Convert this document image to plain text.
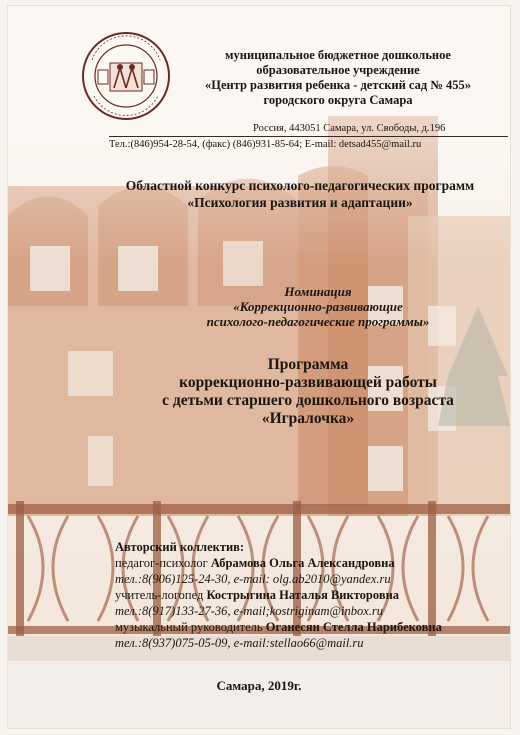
муниципальное бюджетное дошкольное
образовательное учреждение
«Центр развития ребенка - детский сад № 455»
городского округа Самара
Россия, 443051 Самара, ул. Свободы, д.196
Тел.:(846)954-28-54, (факс) (846)931-85-64; E-mail: detsad455@mail.ru
Областной конкурс психолого-педагогических программ
«Психология развития и адаптации»
Номинация
«Коррекционно-развивающие
психолого-педагогические программы»
Программа
коррекционно-развивающей работы
с детьми старшего дошкольного возраста
«Игралочка»
Авторский коллектив:
педагог-психолог Абрамова Ольга Александровна
тел.:8(906)125-24-30, e-mail: olg.ab2010@yandex.ru
учитель-логопед Кострыгина Наталья Викторовна
тел.:8(917)133-27-36, e-mail;kostriginam@inbox.ru
музыкальный руководитель Оганесян Стелла Нарибековна
тел.:8(937)075-05-09, e-mail:stellao66@mail.ru
Самара, 2019г.
